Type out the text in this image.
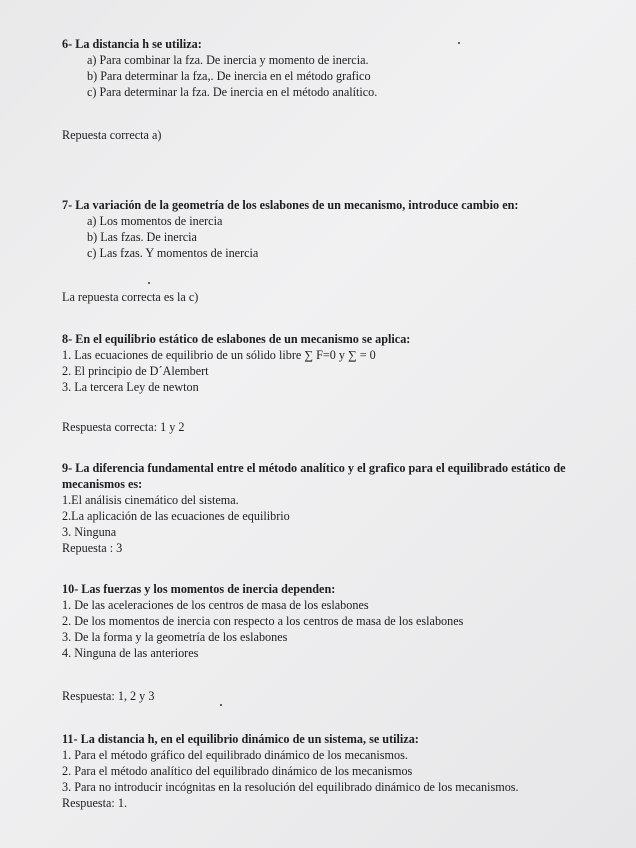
6- La distancia h se utiliza:
a) Para combinar la fza. De inercia y momento de inercia.
b) Para determinar la fza,. De inercia en el método grafico
c) Para determinar la fza. De inercia en el método analítico.
Repuesta correcta a)
7- La variación de la geometría de los eslabones de un mecanismo, introduce cambio en:
a) Los momentos de inercia
b) Las fzas. De inercia
c) Las fzas. Y momentos de inercia
La repuesta correcta es la c)
8- En el equilibrio estático de eslabones de un mecanismo se aplica:
1. Las ecuaciones de equilibrio de un sólido libre ∑ F=0 y ∑ = 0
2. El principio de D´Alembert
3. La tercera Ley de newton
Respuesta correcta: 1 y 2
9- La diferencia fundamental entre el método analítico y el grafico para el equilibrado estático de
mecanismos es:
1.El análisis cinemático del sistema.
2.La aplicación de las ecuaciones de equilibrio
3. Ninguna
Repuesta : 3
10- Las fuerzas y los momentos de inercia dependen:
1. De las aceleraciones de los centros de masa de los eslabones
2. De los momentos de inercia con respecto a los centros de masa de los eslabones
3. De la forma y la geometría de los eslabones
4. Ninguna de las anteriores
Respuesta: 1, 2 y 3
11- La distancia h, en el equilibrio dinámico de un sistema, se utiliza:
1. Para el método gráfico del equilibrado dinámico de los mecanismos.
2. Para el método analítico del equilibrado dinámico de los mecanismos
3. Para no introducir incógnitas en la resolución del equilibrado dinámico de los mecanismos.
Respuesta: 1.
